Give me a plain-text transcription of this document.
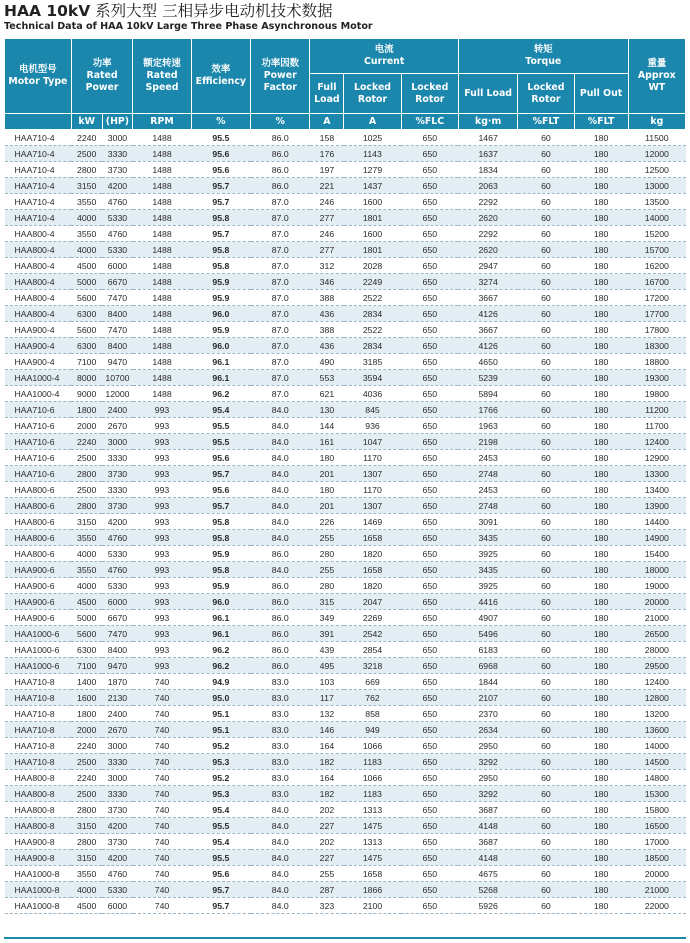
HAA 10kV 系列大型 三相异步电动机技术数据
Technical Data of HAA 10kV Large Three Phase Asynchronous Motor
电机型号
Motor Type	功率
Rated Power		额定转速
Rated Speed	效率
Efficiency	功率因数
Power Factor	电流
Current			转矩
Torque			重量
Approx WT
						Full Load	Locked Rotor	Locked Rotor	Full Load	Locked Rotor	Pull Out	
	kW	(HP)	RPM	%	%	A	A	%FLC	kg·m	%FLT	%FLT	kg
HAA710-4	2240	3000	1488	95.5	86.0	158	1025	650	1467	60	180	11500
HAA710-4	2500	3330	1488	95.6	86.0	176	1143	650	1637	60	180	12000
HAA710-4	2800	3730	1488	95.6	86.0	197	1279	650	1834	60	180	12500
HAA710-4	3150	4200	1488	95.7	86.0	221	1437	650	2063	60	180	13000
HAA710-4	3550	4760	1488	95.7	87.0	246	1600	650	2292	60	180	13500
HAA710-4	4000	5330	1488	95.8	87.0	277	1801	650	2620	60	180	14000
HAA800-4	3550	4760	1488	95.7	87.0	246	1600	650	2292	60	180	15200
HAA800-4	4000	5330	1488	95.8	87.0	277	1801	650	2620	60	180	15700
HAA800-4	4500	6000	1488	95.8	87.0	312	2028	650	2947	60	180	16200
HAA800-4	5000	6670	1488	95.9	87.0	346	2249	650	3274	60	180	16700
HAA800-4	5600	7470	1488	95.9	87.0	388	2522	650	3667	60	180	17200
HAA800-4	6300	8400	1488	96.0	87.0	436	2834	650	4126	60	180	17700
HAA900-4	5600	7470	1488	95.9	87.0	388	2522	650	3667	60	180	17800
HAA900-4	6300	8400	1488	96.0	87.0	436	2834	650	4126	60	180	18300
HAA900-4	7100	9470	1488	96.1	87.0	490	3185	650	4650	60	180	18800
HAA1000-4	8000	10700	1488	96.1	87.0	553	3594	650	5239	60	180	19300
HAA1000-4	9000	12000	1488	96.2	87.0	621	4036	650	5894	60	180	19800
HAA710-6	1800	2400	993	95.4	84.0	130	845	650	1766	60	180	11200
HAA710-6	2000	2670	993	95.5	84.0	144	936	650	1963	60	180	11700
HAA710-6	2240	3000	993	95.5	84.0	161	1047	650	2198	60	180	12400
HAA710-6	2500	3330	993	95.6	84.0	180	1170	650	2453	60	180	12900
HAA710-6	2800	3730	993	95.7	84.0	201	1307	650	2748	60	180	13300
HAA800-6	2500	3330	993	95.6	84.0	180	1170	650	2453	60	180	13400
HAA800-6	2800	3730	993	95.7	84.0	201	1307	650	2748	60	180	13900
HAA800-6	3150	4200	993	95.8	84.0	226	1469	650	3091	60	180	14400
HAA800-6	3550	4760	993	95.8	84.0	255	1658	650	3435	60	180	14900
HAA800-6	4000	5330	993	95.9	86.0	280	1820	650	3925	60	180	15400
HAA900-6	3550	4760	993	95.8	84.0	255	1658	650	3435	60	180	18000
HAA900-6	4000	5330	993	95.9	86.0	280	1820	650	3925	60	180	19000
HAA900-6	4500	6000	993	96.0	86.0	315	2047	650	4416	60	180	20000
HAA900-6	5000	6670	993	96.1	86.0	349	2269	650	4907	60	180	21000
HAA1000-6	5600	7470	993	96.1	86.0	391	2542	650	5496	60	180	26500
HAA1000-6	6300	8400	993	96.2	86.0	439	2854	650	6183	60	180	28000
HAA1000-6	7100	9470	993	96.2	86.0	495	3218	650	6968	60	180	29500
HAA710-8	1400	1870	740	94.9	83.0	103	669	650	1844	60	180	12400
HAA710-8	1600	2130	740	95.0	83.0	117	762	650	2107	60	180	12800
HAA710-8	1800	2400	740	95.1	83.0	132	858	650	2370	60	180	13200
HAA710-8	2000	2670	740	95.1	83.0	146	949	650	2634	60	180	13600
HAA710-8	2240	3000	740	95.2	83.0	164	1066	650	2950	60	180	14000
HAA710-8	2500	3330	740	95.3	83.0	182	1183	650	3292	60	180	14500
HAA800-8	2240	3000	740	95.2	83.0	164	1066	650	2950	60	180	14800
HAA800-8	2500	3330	740	95.3	83.0	182	1183	650	3292	60	180	15300
HAA800-8	2800	3730	740	95.4	84.0	202	1313	650	3687	60	180	15800
HAA800-8	3150	4200	740	95.5	84.0	227	1475	650	4148	60	180	16500
HAA900-8	2800	3730	740	95.4	84.0	202	1313	650	3687	60	180	17000
HAA900-8	3150	4200	740	95.5	84.0	227	1475	650	4148	60	180	18500
HAA1000-8	3550	4760	740	95.6	84.0	255	1658	650	4675	60	180	20000
HAA1000-8	4000	5330	740	95.7	84.0	287	1866	650	5268	60	180	21000
HAA1000-8	4500	6000	740	95.7	84.0	323	2100	650	5926	60	180	22000
